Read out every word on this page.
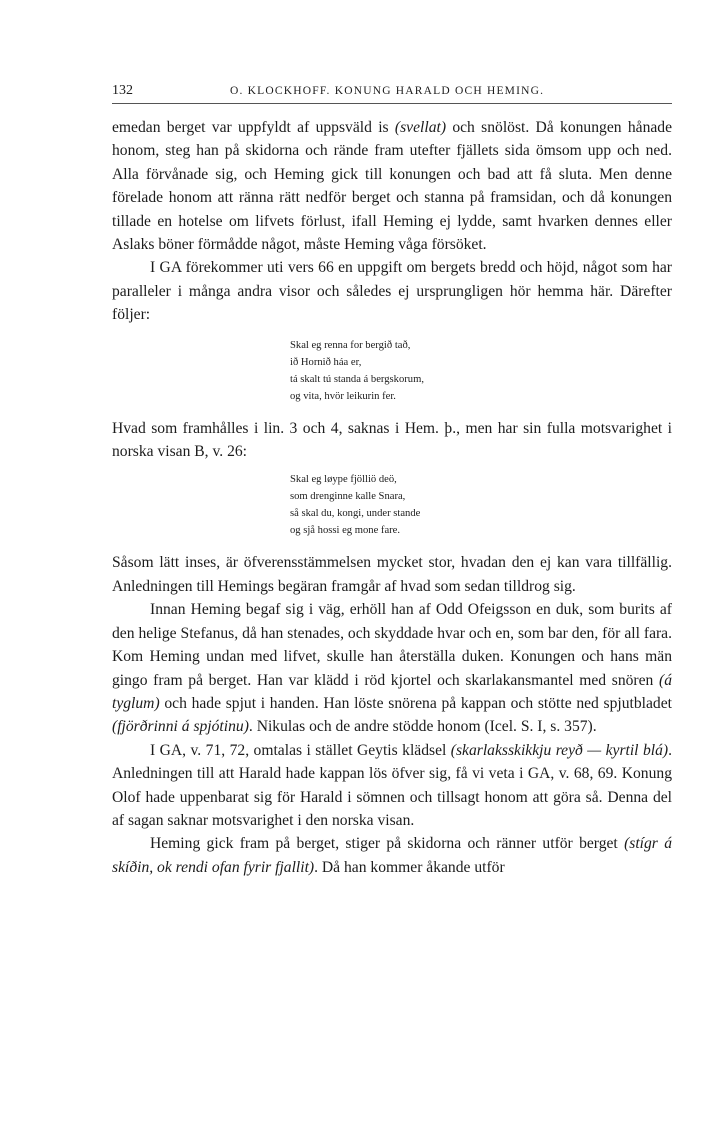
132	O. KLOCKHOFF. KONUNG HARALD OCH HEMING.

emedan berget var uppfyldt af uppsväld is (svellat) och snölöst. Då konungen hånade honom, steg han på skidorna och rände fram utefter fjällets sida ömsom upp och ned. Alla förvånade sig, och Heming gick till konungen och bad att få sluta. Men denne förelade honom att ränna rätt nedför berget och stanna på framsidan, och då konungen tillade en hotelse om lifvets förlust, ifall Heming ej lydde, samt hvarken dennes eller Aslaks böner förmådde något, måste Heming våga försöket.

I GA förekommer uti vers 66 en uppgift om bergets bredd och höjd, något som har paralleler i många andra visor och således ej ursprungligen hör hemma här. Därefter följer:

Skal eg renna for bergið tað,
ið Hornið háa er,
tá skalt tú standa á bergskorum,
og vita, hvör leikurin fer.

Hvad som framhålles i lin. 3 och 4, saknas i Hem. þ., men har sin fulla motsvarighet i norska visan B, v. 26:

Skal eg løype fjölliö deö,
som drenginne kalle Snara,
så skal du, kongi, under stande
og sjå hossi eg mone fare.

Såsom lätt inses, är öfverensstämmelsen mycket stor, hvadan den ej kan vara tillfällig. Anledningen till Hemings begäran framgår af hvad som sedan tilldrog sig.

Innan Heming begaf sig i väg, erhöll han af Odd Ofeigsson en duk, som burits af den helige Stefanus, då han stenades, och skyddade hvar och en, som bar den, för all fara. Kom Heming undan med lifvet, skulle han återställa duken. Konungen och hans män gingo fram på berget. Han var klädd i röd kjortel och skarlakansmantel med snören (á tyglum) och hade spjut i handen. Han löste snörena på kappan och stötte ned spjutbladet (fjörðrinni á spjótinu). Nikulas och de andre stödde honom (Icel. S. I, s. 357).

I GA, v. 71, 72, omtalas i stället Geytis klädsel (skarlaksskikkju reyð — kyrtil blá). Anledningen till att Harald hade kappan lös öfver sig, få vi veta i GA, v. 68, 69. Konung Olof hade uppenbarat sig för Harald i sömnen och tillsagt honom att göra så. Denna del af sagan saknar motsvarighet i den norska visan.

Heming gick fram på berget, stiger på skidorna och ränner utför berget (stígr á skíðin, ok rendi ofan fyrir fjallit). Då han kommer åkande utför
